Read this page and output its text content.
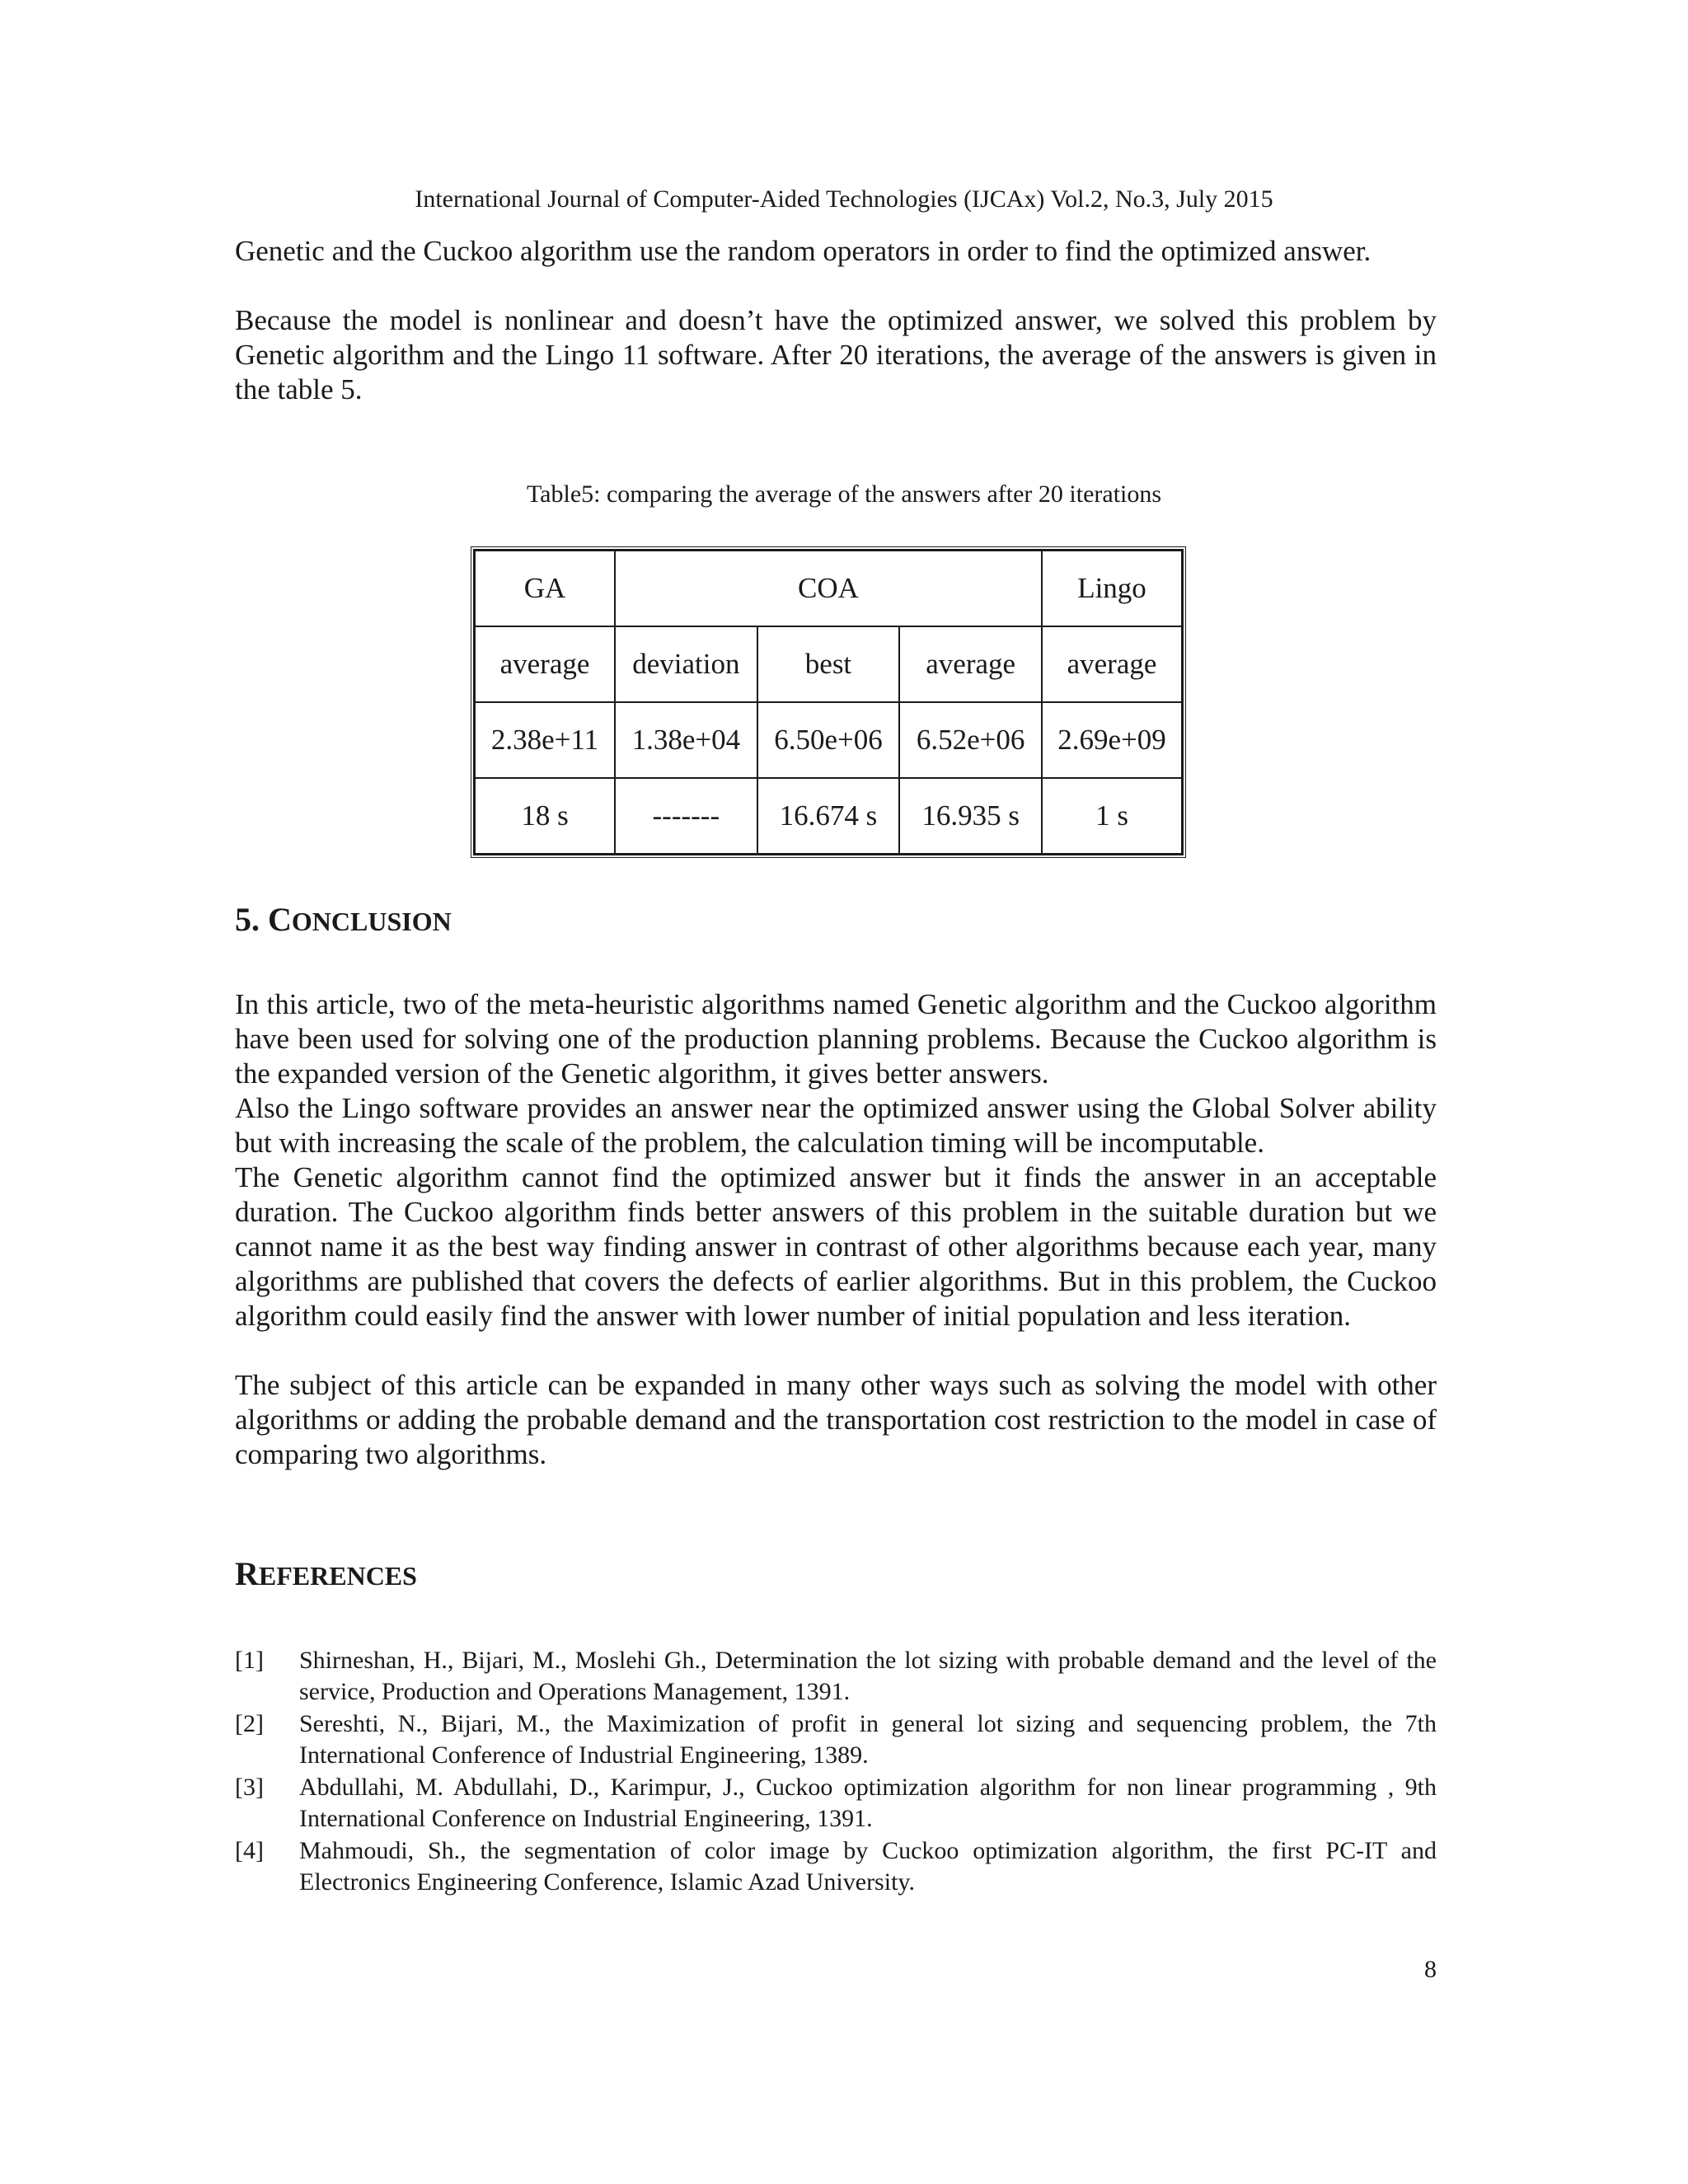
International Journal of Computer-Aided Technologies (IJCAx) Vol.2, No.3, July 2015

Genetic and the Cuckoo algorithm use the random operators in order to find the optimized answer.

Because the model is nonlinear and doesn’t have the optimized answer, we solved this problem by Genetic algorithm and the Lingo 11 software. After 20 iterations, the average of the answers is given in the table 5.

Table5: comparing the average of the answers after 20 iterations
GA	COA			Lingo
average	deviation	best	average	average
2.38e+11	1.38e+04	6.50e+06	6.52e+06	2.69e+09
18 s	-------	16.674 s	16.935 s	1 s
5. CONCLUSION

In this article, two of the meta-heuristic algorithms named Genetic algorithm and the Cuckoo algorithm have been used for solving one of the production planning problems. Because the Cuckoo algorithm is the expanded version of the Genetic algorithm, it gives better answers.

Also the Lingo software provides an answer near the optimized answer using the Global Solver ability but with increasing the scale of the problem, the calculation timing will be incomputable.

The Genetic algorithm cannot find the optimized answer but it finds the answer in an acceptable duration. The Cuckoo algorithm finds better answers of this problem in the suitable duration but we cannot name it as the best way finding answer in contrast of other algorithms because each year, many algorithms are published that covers the defects of earlier algorithms. But in this problem, the Cuckoo algorithm could easily find the answer with lower number of initial population and less iteration.

The subject of this article can be expanded in many other ways such as solving the model with other algorithms or adding the probable demand and the transportation cost restriction to the model in case of comparing two algorithms.

REFERENCES
[1]	Shirneshan, H., Bijari, M., Moslehi Gh., Determination the lot sizing with probable demand and the level of the service, Production and Operations Management, 1391.
[2]	Sereshti, N., Bijari, M., the Maximization of profit in general lot sizing and sequencing problem, the 7th International Conference of Industrial Engineering, 1389.
[3]	Abdullahi, M. Abdullahi, D., Karimpur, J., Cuckoo optimization algorithm for non linear programming , 9th International Conference on Industrial Engineering, 1391.
[4]	Mahmoudi, Sh., the segmentation of color image by Cuckoo optimization algorithm, the first PC-IT and Electronics Engineering Conference, Islamic Azad University.
8
